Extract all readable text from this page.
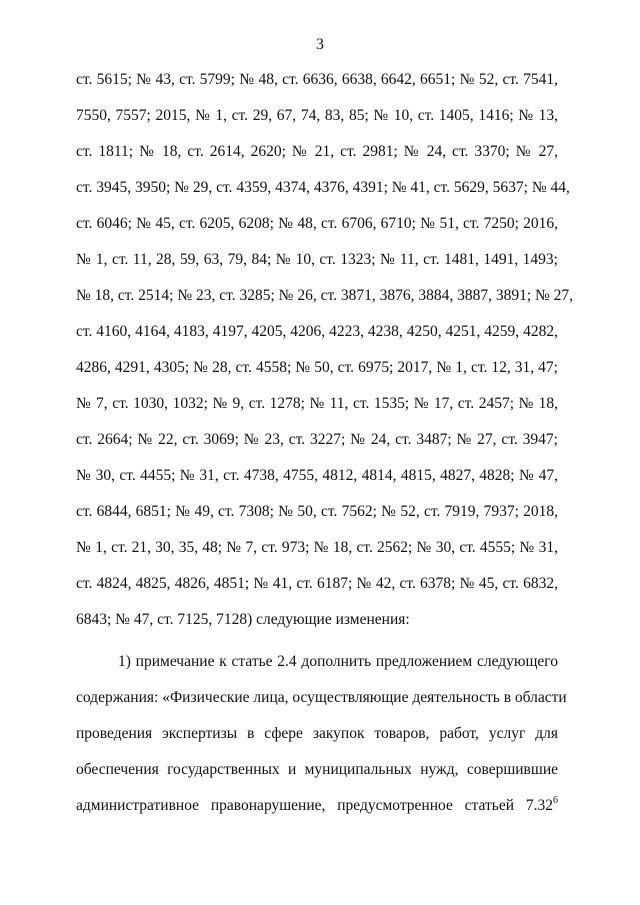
3
ст. 5615; № 43, ст. 5799; № 48, ст. 6636, 6638, 6642, 6651; № 52, ст. 7541,
7550, 7557; 2015, № 1, ст. 29, 67, 74, 83, 85; № 10, ст. 1405, 1416; № 13,
ст. 1811; № 18, ст. 2614, 2620; № 21, ст. 2981; № 24, ст. 3370; № 27,
ст. 3945, 3950; № 29, ст. 4359, 4374, 4376, 4391; № 41, ст. 5629, 5637; № 44,
ст. 6046; № 45, ст. 6205, 6208; № 48, ст. 6706, 6710; № 51, ст. 7250; 2016,
№ 1, ст. 11, 28, 59, 63, 79, 84; № 10, ст. 1323; № 11, ст. 1481, 1491, 1493;
№ 18, ст. 2514; № 23, ст. 3285; № 26, ст. 3871, 3876, 3884, 3887, 3891; № 27,
ст. 4160, 4164, 4183, 4197, 4205, 4206, 4223, 4238, 4250, 4251, 4259, 4282,
4286, 4291, 4305; № 28, ст. 4558; № 50, ст. 6975; 2017, № 1, ст. 12, 31, 47;
№ 7, ст. 1030, 1032; № 9, ст. 1278; № 11, ст. 1535; № 17, ст. 2457; № 18,
ст. 2664; № 22, ст. 3069; № 23, ст. 3227; № 24, ст. 3487; № 27, ст. 3947;
№ 30, ст. 4455; № 31, ст. 4738, 4755, 4812, 4814, 4815, 4827, 4828; № 47,
ст. 6844, 6851; № 49, ст. 7308; № 50, ст. 7562; № 52, ст. 7919, 7937; 2018,
№ 1, ст. 21, 30, 35, 48; № 7, ст. 973; № 18, ст. 2562; № 30, ст. 4555; № 31,
ст. 4824, 4825, 4826, 4851; № 41, ст. 6187; № 42, ст. 6378; № 45, ст. 6832,
6843; № 47, ст. 7125, 7128) следующие изменения:
1) примечание к статье 2.4 дополнить предложением следующего
содержания: «Физические лица, осуществляющие деятельность в области
проведения экспертизы в сфере закупок товаров, работ, услуг для
обеспечения государственных и муниципальных нужд, совершившие
административное правонарушение, предусмотренное статьей 7.32$^6$
